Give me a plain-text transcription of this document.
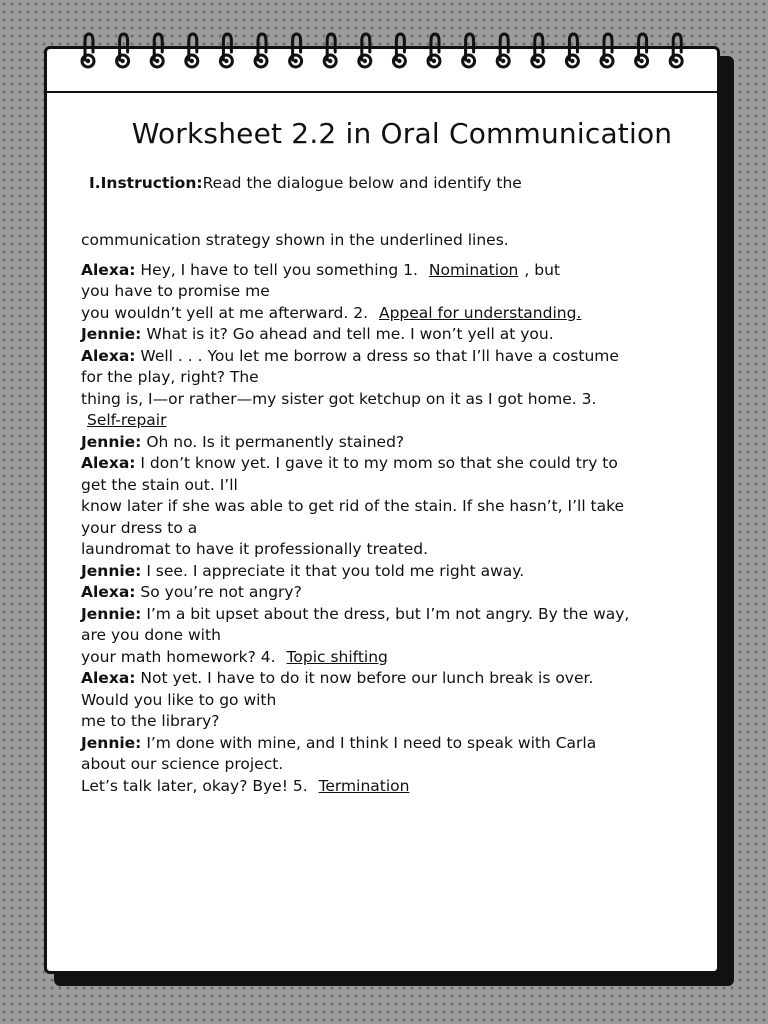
Worksheet 2.2 in Oral Communication
I.Instruction:Read the dialogue below and identify the
communication strategy shown in the underlined lines.
Alexa: Hey, I have to tell you something 1. Nomination , but
you have to promise me
you wouldn’t yell at me afterward. 2. Appeal for understanding.
Jennie: What is it? Go ahead and tell me. I won’t yell at you.
Alexa: Well . . . You let me borrow a dress so that I’ll have a costume
for the play, right? The
thing is, I—or rather—my sister got ketchup on it as I got home. 3.
Self-repair
Jennie: Oh no. Is it permanently stained?
Alexa: I don’t know yet. I gave it to my mom so that she could try to
get the stain out. I’ll
know later if she was able to get rid of the stain. If she hasn’t, I’ll take
your dress to a
laundromat to have it professionally treated.
Jennie: I see. I appreciate it that you told me right away.
Alexa: So you’re not angry?
Jennie: I’m a bit upset about the dress, but I’m not angry. By the way,
are you done with
your math homework? 4. Topic shifting
Alexa: Not yet. I have to do it now before our lunch break is over.
Would you like to go with
me to the library?
Jennie: I’m done with mine, and I think I need to speak with Carla
about our science project.
Let’s talk later, okay? Bye! 5. Termination
